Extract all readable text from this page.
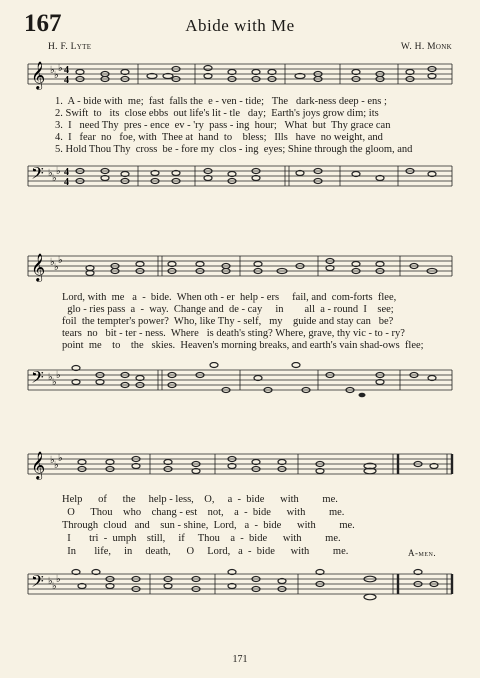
167	Abide with Me
H. F. Lyte	W. H. Monk
𝄞 ♭ ♭
♭ 4
4
1.  A - bide with  me;  fast  falls the  e - ven - tide;   The   dark-ness deep - ens ;
2. Swift  to   its  close ebbs  out life's lit - tle   day;  Earth's joys grow dim; its
3.  I   need Thy  pres - ence  ev - 'ry  pass - ing  hour;   What  but  Thy grace can
4.  I   fear  no   foe, with  Thee at  hand  to    bless;   Ills   have  no weight, and
5. Hold Thou Thy  cross  be - fore my  clos - ing  eyes; Shine through the gloom, and
𝄢 ♭ ♭
♭ 4
4
𝄞 ♭ ♭
♭
Lord, with  me   a  -  bide.  When oth - er  help - ers     fail, and  com-forts  flee,
glo - ries pass  a  -  way.  Change and  de - cay     in        all  a - round  I    see;
foil  the tempter's power?  Who, like Thy - self,   my    guide and stay can   be?
tears  no   bit - ter - ness.  Where   is death's sting? Where, grave, thy vic - to - ry?
point  me    to    the   skies.  Heaven's morning breaks, and earth's vain shad-ows  flee;
𝄢 ♭ ♭
♭
𝄞 ♭ ♭
♭
Help      of      the     help - less,    O,     a  -  bide      with         me.
O      Thou    who    chang - est    not,    a  -  bide      with         me.
Through  cloud   and    sun - shine,  Lord,   a  -  bide      with         me.
I       tri  -  umph    still,     if     Thou    a  -  bide      with         me.
In       life,     in     death,      O     Lord,   a  -  bide      with         me.	A-men.
𝄢 ♭ ♭
♭
171
